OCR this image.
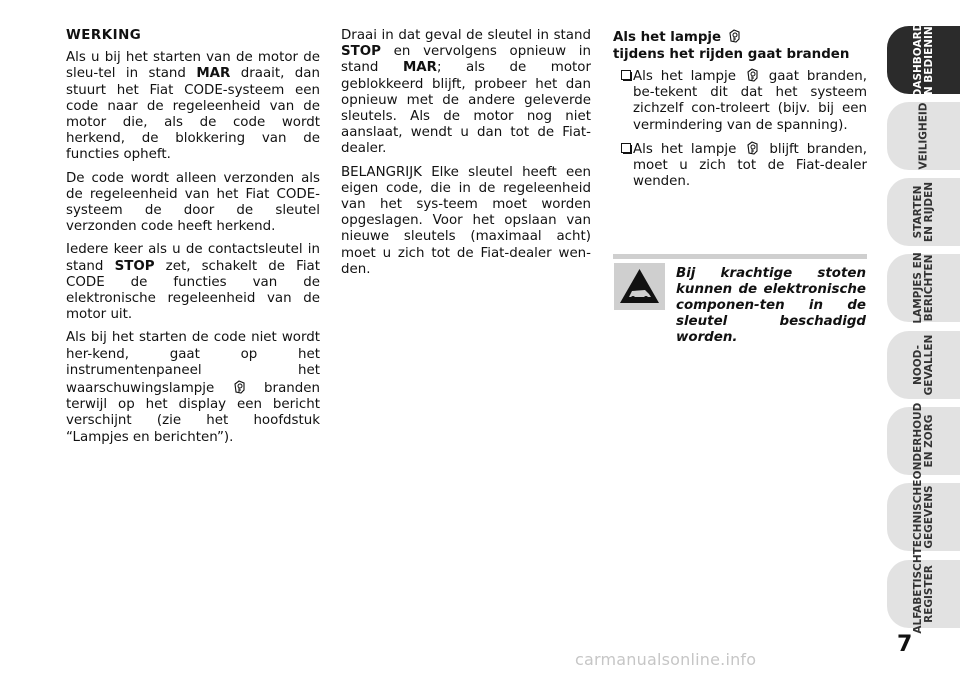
WERKING

Als u bij het starten van de motor de sleu-tel in stand MAR draait, dan stuurt het Fiat CODE-systeem een code naar de regeleenheid van de motor die, als de code wordt herkend, de blokkering van de functies opheft.

De code wordt alleen verzonden als de regeleenheid van het Fiat CODE-systeem de door de sleutel verzonden code heeft herkend.

Iedere keer als u de contactsleutel in stand STOP zet, schakelt de Fiat CODE de functies van de elektronische regeleenheid van de motor uit.

Als bij het starten de code niet wordt her-kend, gaat op het instrumentenpaneel het waarschuwingslampje  branden terwijl op het display een bericht verschijnt (zie het hoofdstuk “Lampjes en berichten”).

Draai in dat geval de sleutel in stand STOP en vervolgens opnieuw in stand MAR; als de motor geblokkeerd blijft, probeer het dan opnieuw met de andere geleverde sleutels. Als de motor nog niet aanslaat, wendt u dan tot de Fiat-dealer.

BELANGRIJK Elke sleutel heeft een eigen code, die in de regeleenheid van het sys-teem moet worden opgeslagen. Voor het opslaan van nieuwe sleutels (maximaal acht) moet u zich tot de Fiat-dealer wen-den.

Als het lampje
tijdens het rijden gaat branden
Als het lampje  gaat branden, be-tekent dit dat het systeem zichzelf con-troleert (bijv. bij een vermindering van de spanning).
Als het lampje  blijft branden, moet u zich tot de Fiat-dealer wenden.
Bij krachtige stoten kunnen de elektronische componen-ten in de sleutel beschadigd worden.
DASHBOARD
EN BEDIENING
VEILIGHEID
STARTEN
EN RIJDEN
LAMPJES EN
BERICHTEN
NOOD-
GEVALLEN
ONDERHOUD
EN ZORG
TECHNISCHE
GEGEVENS
ALFABETISCH
REGISTER
7
carmanualsonline.info
